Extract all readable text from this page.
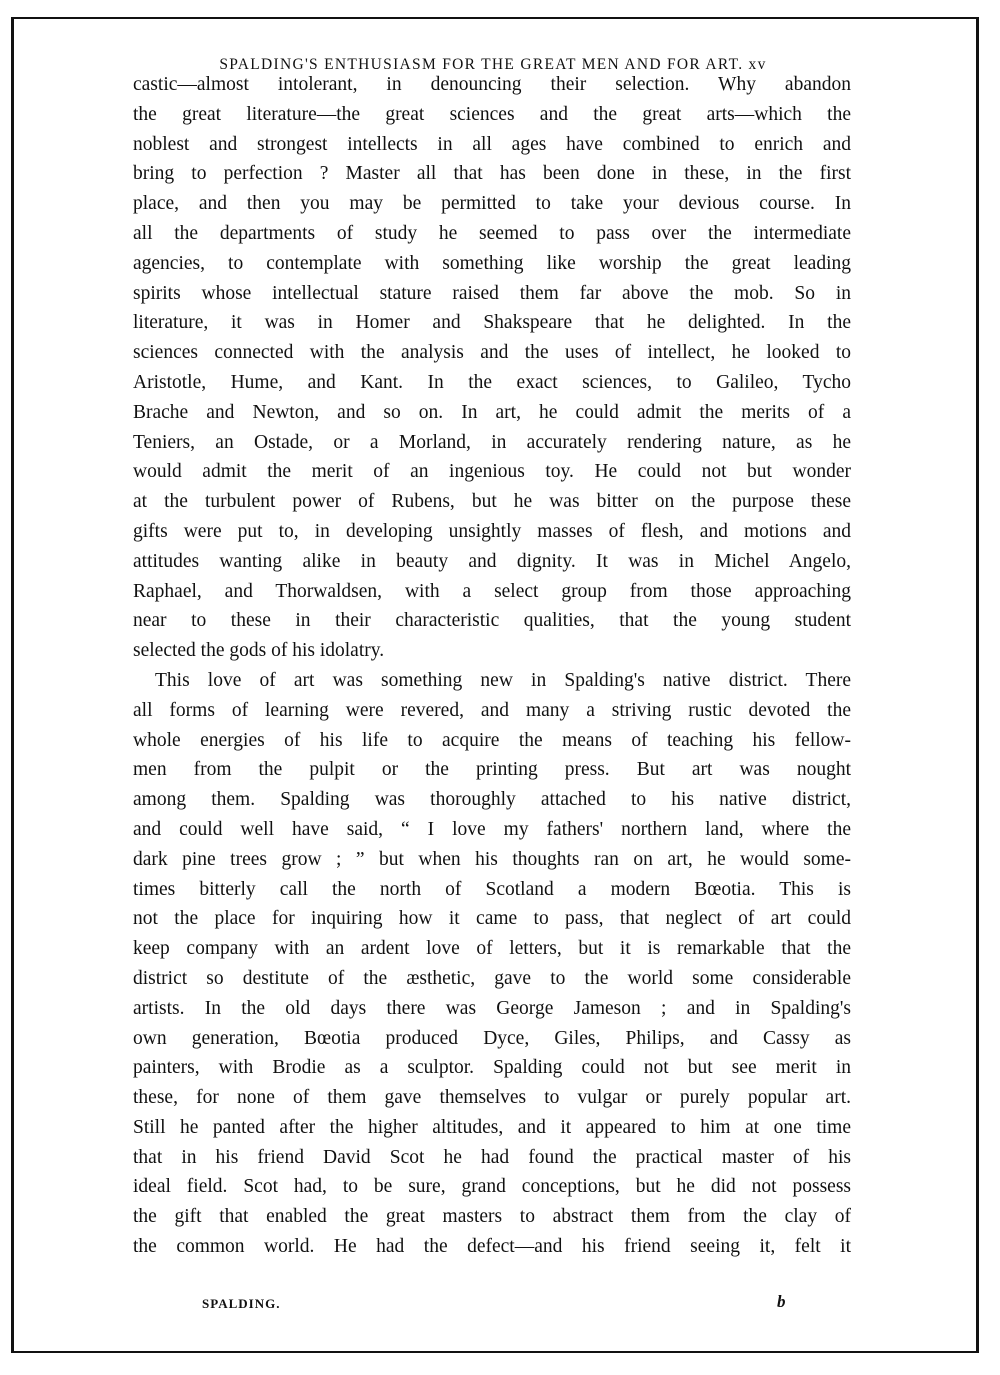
SPALDING'S ENTHUSIASM FOR THE GREAT MEN AND FOR ART. xv
castic—almost intolerant, in denouncing their selection. Why abandon
the great literature—the great sciences and the great arts—which the
noblest and strongest intellects in all ages have combined to enrich and
bring to perfection ? Master all that has been done in these, in the first
place, and then you may be permitted to take your devious course. In
all the departments of study he seemed to pass over the intermediate
agencies, to contemplate with something like worship the great leading
spirits whose intellectual stature raised them far above the mob. So in
literature, it was in Homer and Shakspeare that he delighted. In the
sciences connected with the analysis and the uses of intellect, he looked to
Aristotle, Hume, and Kant. In the exact sciences, to Galileo, Tycho
Brache and Newton, and so on. In art, he could admit the merits of a
Teniers, an Ostade, or a Morland, in accurately rendering nature, as he
would admit the merit of an ingenious toy. He could not but wonder
at the turbulent power of Rubens, but he was bitter on the purpose these
gifts were put to, in developing unsightly masses of flesh, and motions and
attitudes wanting alike in beauty and dignity. It was in Michel Angelo,
Raphael, and Thorwaldsen, with a select group from those approaching
near to these in their characteristic qualities, that the young student
selected the gods of his idolatry.
This love of art was something new in Spalding's native district. There
all forms of learning were revered, and many a striving rustic devoted the
whole energies of his life to acquire the means of teaching his fellow-
men from the pulpit or the printing press. But art was nought
among them. Spalding was thoroughly attached to his native district,
and could well have said, “ I love my fathers' northern land, where the
dark pine trees grow ; ” but when his thoughts ran on art, he would some-
times bitterly call the north of Scotland a modern Bœotia. This is
not the place for inquiring how it came to pass, that neglect of art could
keep company with an ardent love of letters, but it is remarkable that the
district so destitute of the æsthetic, gave to the world some considerable
artists. In the old days there was George Jameson ; and in Spalding's
own generation, Bœotia produced Dyce, Giles, Philips, and Cassy as
painters, with Brodie as a sculptor. Spalding could not but see merit in
these, for none of them gave themselves to vulgar or purely popular art.
Still he panted after the higher altitudes, and it appeared to him at one time
that in his friend David Scot he had found the practical master of his
ideal field. Scot had, to be sure, grand conceptions, but he did not possess
the gift that enabled the great masters to abstract them from the clay of
the common world. He had the defect—and his friend seeing it, felt it
SPALDING.	b
